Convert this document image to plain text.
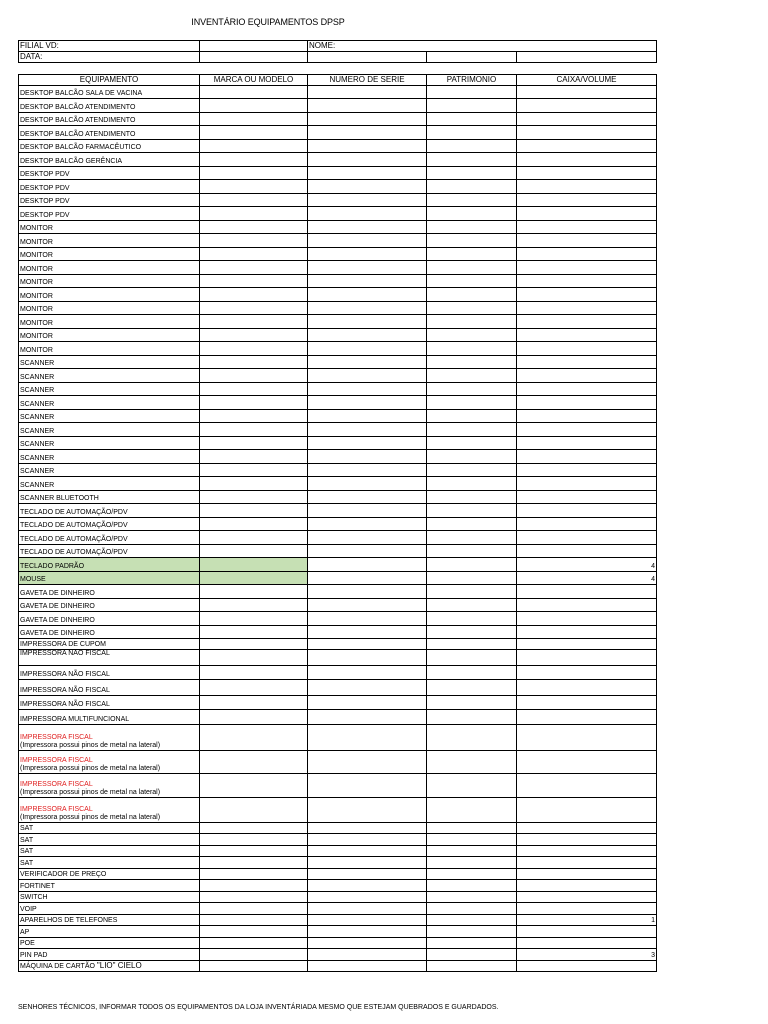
INVENTÁRIO EQUIPAMENTOS DPSP
FILIAL VD:		NOME:		
DATA:				
EQUIPAMENTO	MARCA OU MODELO	NUMERO DE SERIE	PATRIMONIO	CAIXA/VOLUME
DESKTOP BALCÃO SALA DE VACINA				
DESKTOP BALCÃO ATENDIMENTO				
DESKTOP BALCÃO ATENDIMENTO				
DESKTOP BALCÃO ATENDIMENTO				
DESKTOP BALCÃO FARMACÊUTICO				
DESKTOP BALCÃO GERÊNCIA				
DESKTOP PDV				
DESKTOP PDV				
DESKTOP PDV				
DESKTOP PDV				
MONITOR				
MONITOR				
MONITOR				
MONITOR				
MONITOR				
MONITOR				
MONITOR				
MONITOR				
MONITOR				
MONITOR				
SCANNER				
SCANNER				
SCANNER				
SCANNER				
SCANNER				
SCANNER				
SCANNER				
SCANNER				
SCANNER				
SCANNER				
SCANNER BLUETOOTH				
TECLADO DE AUTOMAÇÃO/PDV				
TECLADO DE AUTOMAÇÃO/PDV				
TECLADO DE AUTOMAÇÃO/PDV				
TECLADO DE AUTOMAÇÃO/PDV				
TECLADO PADRÃO				4
MOUSE				4
GAVETA DE DINHEIRO				
GAVETA DE DINHEIRO				
GAVETA DE DINHEIRO				
GAVETA DE DINHEIRO				
IMPRESSORA DE CUPOM				
IMPRESSORA NÃO FISCAL				
IMPRESSORA NÃO FISCAL				
IMPRESSORA NÃO FISCAL				
IMPRESSORA NÃO FISCAL				
IMPRESSORA MULTIFUNCIONAL				
IMPRESSORA FISCAL
(Impressora possui pinos de metal na lateral)				

IMPRESSORA FISCAL
(Impressora possui pinos de metal na lateral)				

IMPRESSORA FISCAL
(Impressora possui pinos de metal na lateral)				

IMPRESSORA FISCAL
(Impressora possui pinos de metal na lateral)				

SAT				
SAT				
SAT				
SAT				
VERIFICADOR DE PREÇO				
FORTINET				
SWITCH				
VOIP				
APARELHOS DE TELEFONES				1
AP				
POE				
PIN PAD				3
MÁQUINA DE CARTÃO "LIO" CIELO				
SENHORES TÉCNICOS, INFORMAR TODOS OS EQUIPAMENTOS DA LOJA INVENTÁRIADA MESMO QUE ESTEJAM QUEBRADOS E GUARDADOS.
